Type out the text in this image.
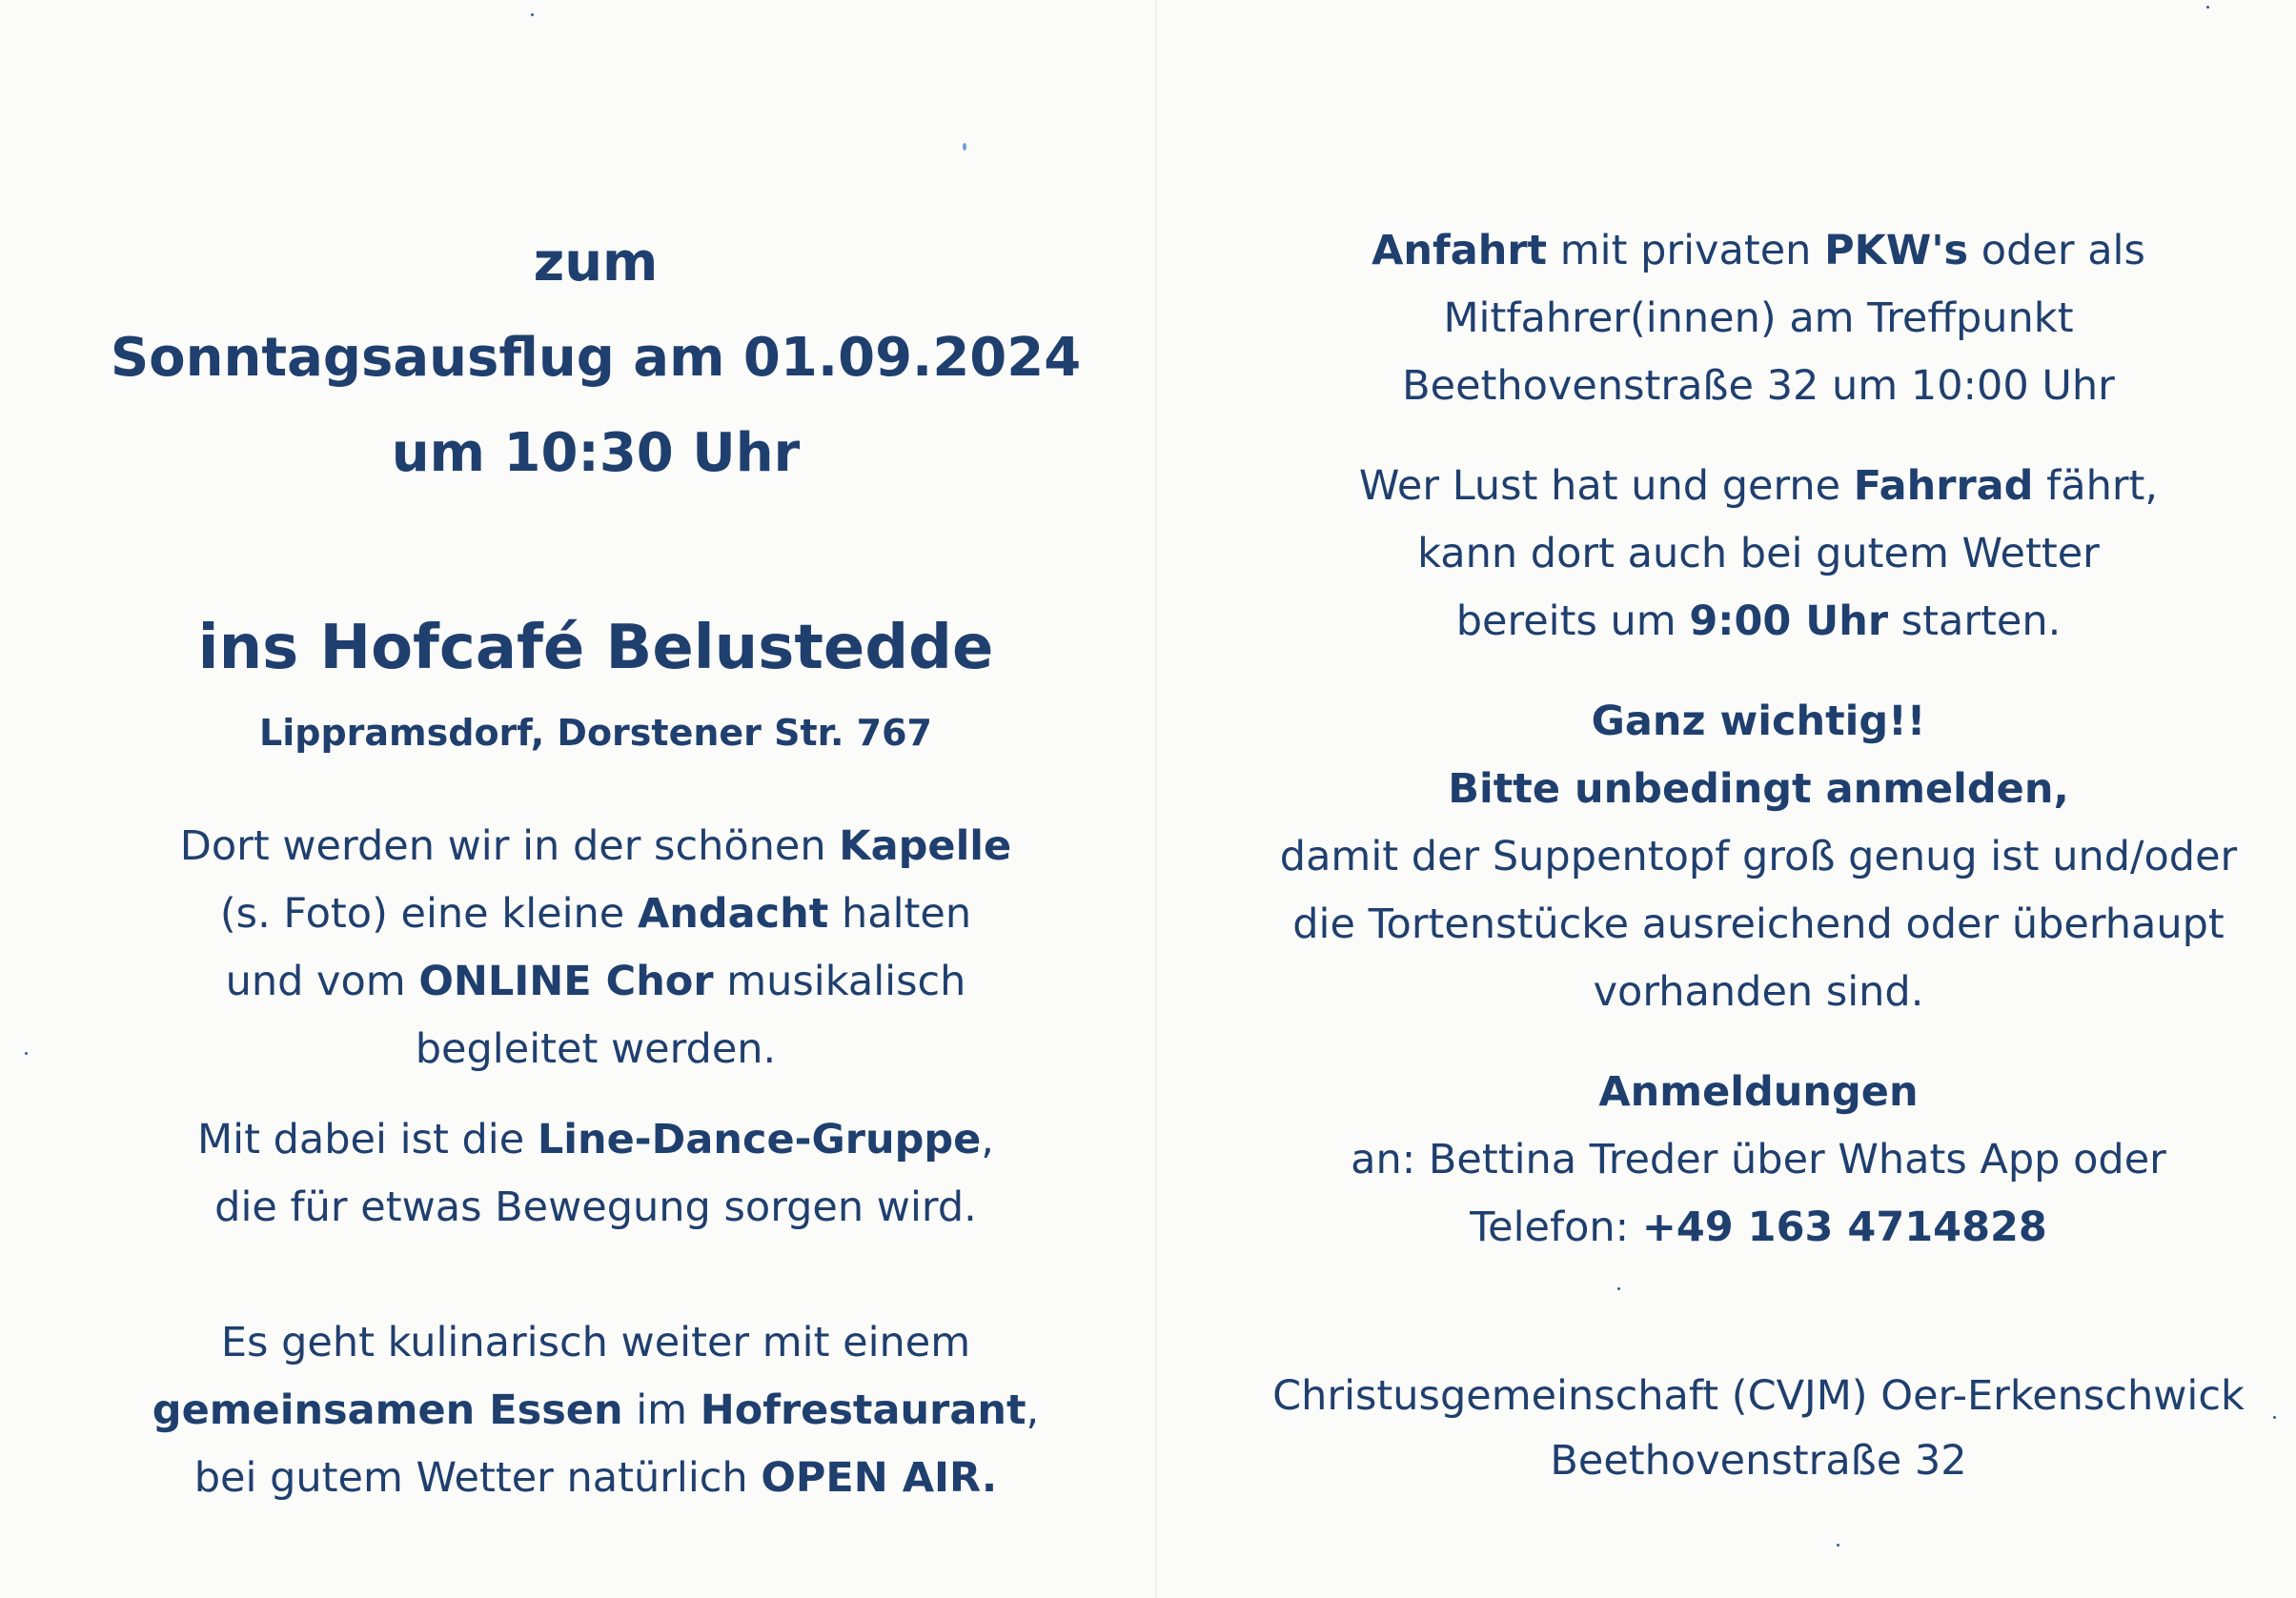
zum
Sonntagsausflug am 01.09.2024
um 10:30 Uhr
ins Hofcafé Belustedde
Lippramsdorf, Dorstener Str. 767
Dort werden wir in der schönen Kapelle
(s. Foto) eine kleine Andacht halten
und vom ONLINE Chor musikalisch
begleitet werden.
Mit dabei ist die Line-Dance-Gruppe,
die für etwas Bewegung sorgen wird.
Es geht kulinarisch weiter mit einem
gemeinsamen Essen im Hofrestaurant,
bei gutem Wetter natürlich OPEN AIR.
Anfahrt mit privaten PKW's oder als
Mitfahrer(innen) am Treffpunkt
Beethovenstraße 32 um 10:00 Uhr
Wer Lust hat und gerne Fahrrad fährt,
kann dort auch bei gutem Wetter
bereits um 9:00 Uhr starten.
Ganz wichtig!!
Bitte unbedingt anmelden,
damit der Suppentopf groß genug ist und/oder
die Tortenstücke ausreichend oder überhaupt
vorhanden sind.
Anmeldungen
an: Bettina Treder über Whats App oder
Telefon: +49 163 4714828
Christusgemeinschaft (CVJM) Oer-Erkenschwick
Beethovenstraße 32
